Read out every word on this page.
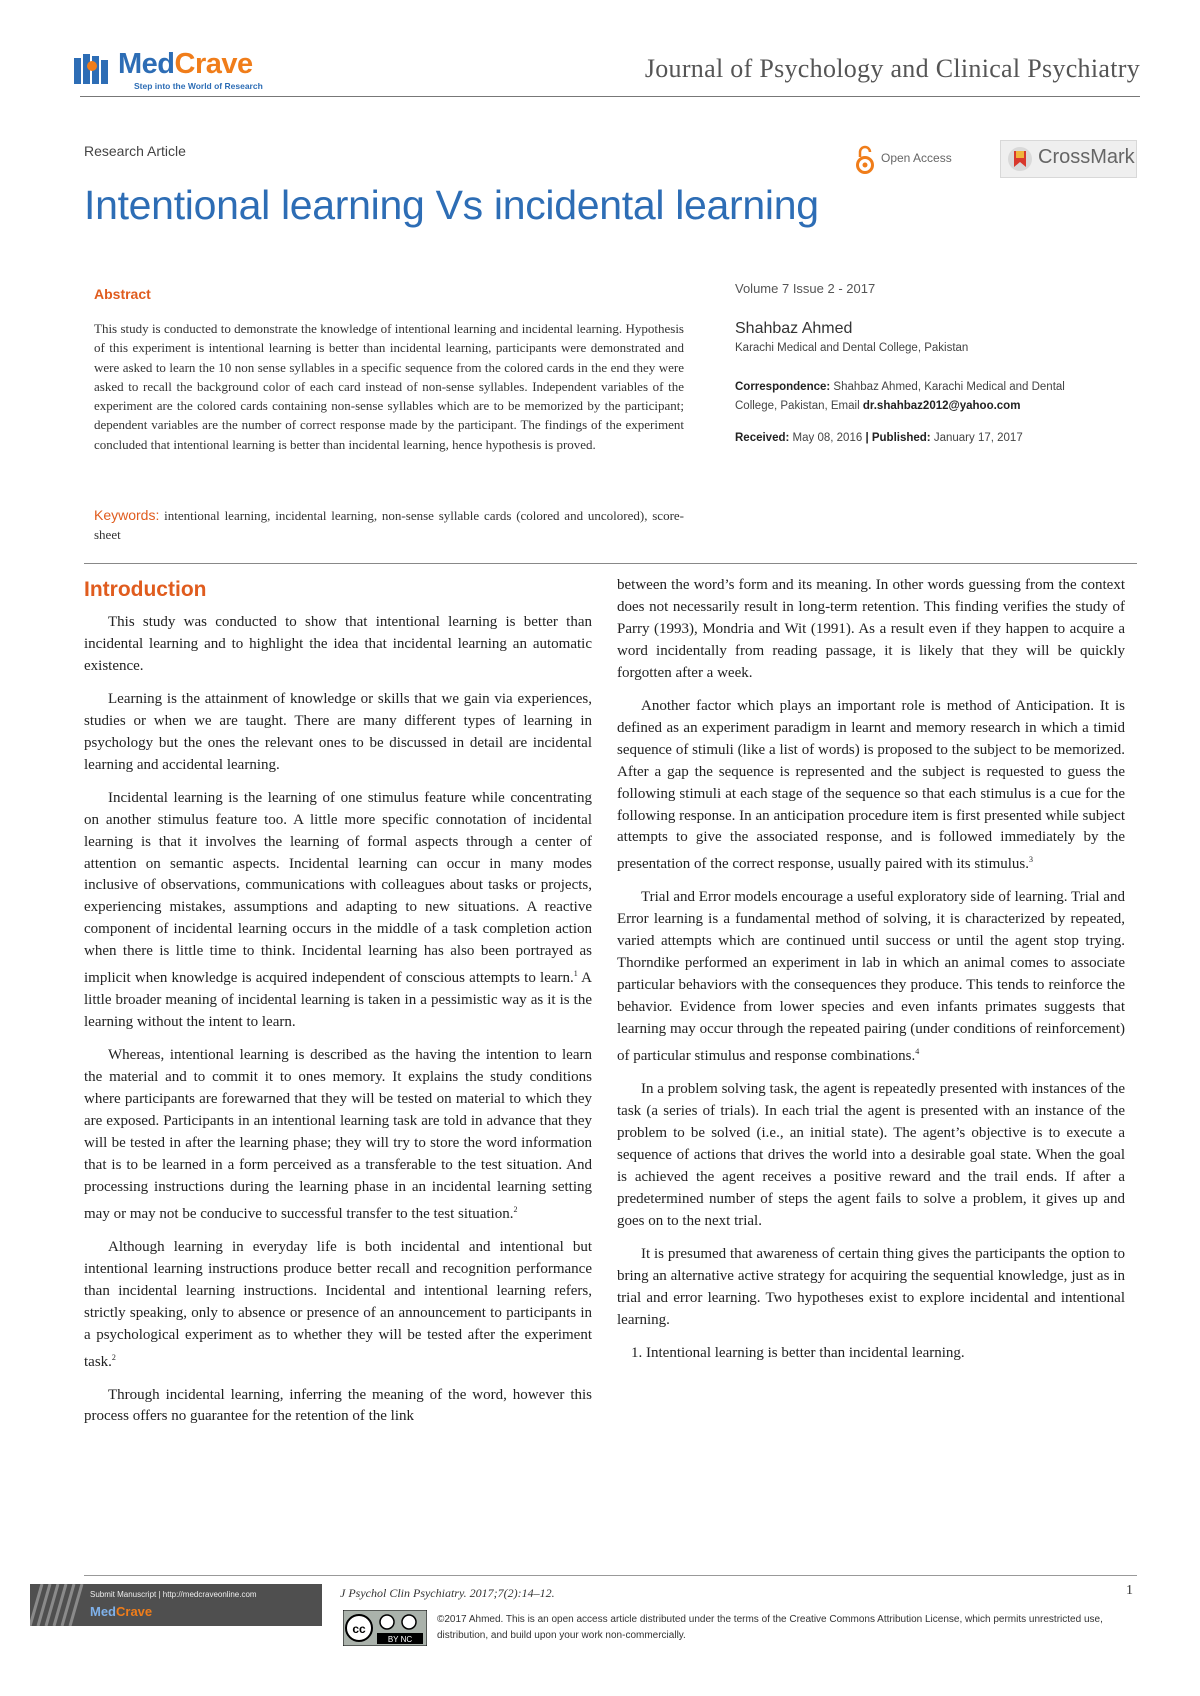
MedCrave
Step into the World of Research
Journal of Psychology and Clinical Psychiatry
Research Article	Open Access	CrossMark
Intentional learning Vs incidental learning
Abstract

This study is conducted to demonstrate the knowledge of intentional learning and incidental learning. Hypothesis of this experiment is intentional learning is better than incidental learning, participants were demonstrated and were asked to learn the 10 non sense syllables in a specific sequence from the colored cards in the end they were asked to recall the background color of each card instead of non-sense syllables. Independent variables of the experiment are the colored cards containing non-sense syllables which are to be memorized by the participant; dependent variables are the number of correct response made by the participant. The findings of the experiment concluded that intentional learning is better than incidental learning, hence hypothesis is proved.

Keywords: intentional learning, incidental learning, non-sense syllable cards (colored and uncolored), score-sheet

Volume 7 Issue 2 - 2017
Shahbaz Ahmed
Karachi Medical and Dental College, Pakistan

Correspondence: Shahbaz Ahmed, Karachi Medical and Dental College, Pakistan, Email dr.shahbaz2012@yahoo.com

Received: May 08, 2016 | Published: January 17, 2017
Introduction

This study was conducted to show that intentional learning is better than incidental learning and to highlight the idea that incidental learning an automatic existence.

Learning is the attainment of knowledge or skills that we gain via experiences, studies or when we are taught. There are many different types of learning in psychology but the ones the relevant ones to be discussed in detail are incidental learning and accidental learning.

Incidental learning is the learning of one stimulus feature while concentrating on another stimulus feature too. A little more specific connotation of incidental learning is that it involves the learning of formal aspects through a center of attention on semantic aspects. Incidental learning can occur in many modes inclusive of observations, communications with colleagues about tasks or projects, experiencing mistakes, assumptions and adapting to new situations. A reactive component of incidental learning occurs in the middle of a task completion action when there is little time to think. Incidental learning has also been portrayed as implicit when knowledge is acquired independent of conscious attempts to learn.$^1$ A little broader meaning of incidental learning is taken in a pessimistic way as it is the learning without the intent to learn.

Whereas, intentional learning is described as the having the intention to learn the material and to commit it to ones memory. It explains the study conditions where participants are forewarned that they will be tested on material to which they are exposed. Participants in an intentional learning task are told in advance that they will be tested in after the learning phase; they will try to store the word information that is to be learned in a form perceived as a transferable to the test situation. And processing instructions during the learning phase in an incidental learning setting may or may not be conducive to successful transfer to the test situation.$^2$

Although learning in everyday life is both incidental and intentional but intentional learning instructions produce better recall and recognition performance than incidental learning instructions. Incidental and intentional learning refers, strictly speaking, only to absence or presence of an announcement to participants in a psychological experiment as to whether they will be tested after the experiment task.$^2$

Through incidental learning, inferring the meaning of the word, however this process offers no guarantee for the retention of the link

between the word’s form and its meaning. In other words guessing from the context does not necessarily result in long-term retention. This finding verifies the study of Parry (1993), Mondria and Wit (1991). As a result even if they happen to acquire a word incidentally from reading passage, it is likely that they will be quickly forgotten after a week.

Another factor which plays an important role is method of Anticipation. It is defined as an experiment paradigm in learnt and memory research in which a timid sequence of stimuli (like a list of words) is proposed to the subject to be memorized. After a gap the sequence is represented and the subject is requested to guess the following stimuli at each stage of the sequence so that each stimulus is a cue for the following response. In an anticipation procedure item is first presented while subject attempts to give the associated response, and is followed immediately by the presentation of the correct response, usually paired with its stimulus.$^3$

Trial and Error models encourage a useful exploratory side of learning. Trial and Error learning is a fundamental method of solving, it is characterized by repeated, varied attempts which are continued until success or until the agent stop trying. Thorndike performed an experiment in lab in which an animal comes to associate particular behaviors with the consequences they produce. This tends to reinforce the behavior. Evidence from lower species and even infants primates suggests that learning may occur through the repeated pairing (under conditions of reinforcement) of particular stimulus and response combinations.$^4$

In a problem solving task, the agent is repeatedly presented with instances of the task (a series of trials). In each trial the agent is presented with an instance of the problem to be solved (i.e., an initial state). The agent’s objective is to execute a sequence of actions that drives the world into a desirable goal state. When the goal is achieved the agent receives a positive reward and the trail ends. If after a predetermined number of steps the agent fails to solve a problem, it gives up and goes on to the next trial.

It is presumed that awareness of certain thing gives the participants the option to bring an alternative active strategy for acquiring the sequential knowledge, just as in trial and error learning. Two hypotheses exist to explore incidental and intentional learning.

1. Intentional learning is better than incidental learning.

Submit Manuscript | http://medcraveonline.com
MedCrave
J Psychol Clin Psychiatry. 2017;7(2):14‒12.	1
cc
BY NC

©2017 Ahmed. This is an open access article distributed under the terms of the Creative Commons Attribution License, which permits unrestricted use, distribution, and build upon your work non-commercially.
